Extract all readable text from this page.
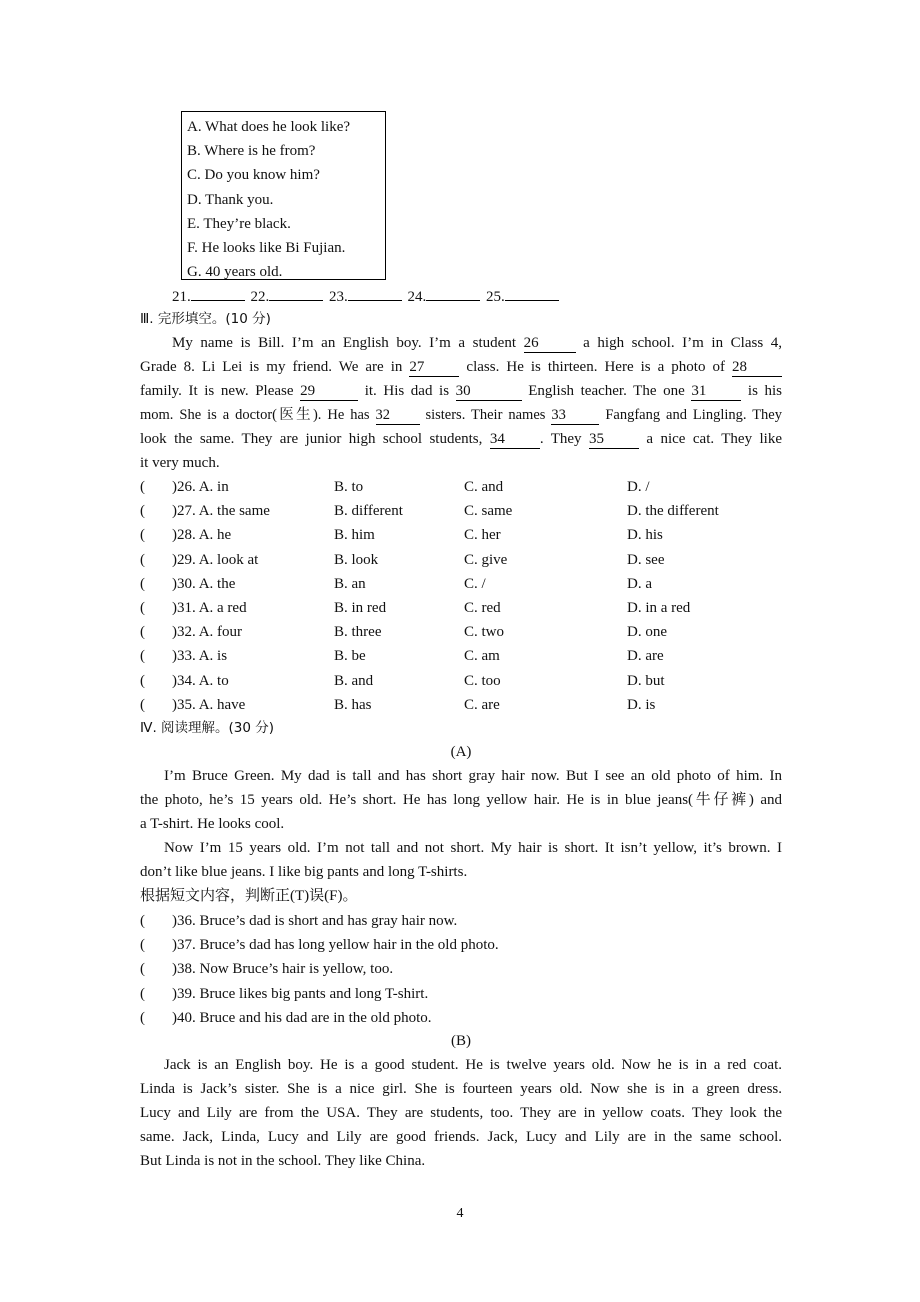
A. What does he look like?
B. Where is he from?
C. Do you know him?
D. Thank you.
E. They’re black.
F. He looks like Bi Fujian.
G. 40 years old.
21.	22.	23.	24.	25.
Ⅲ. 完形填空。(10 分)
My name is Bill. I’m an English boy. I’m a student 26 a high school. I’m in Class 4,
Grade 8. Li Lei is my friend. We are in 27 class. He is thirteen. Here is a photo of 28
family. It is new. Please 29	it. His dad is 30	English teacher. The one 31 is his
mom. She is a doctor(医生). He has 32 sisters. Their names 33 Fangfang and Lingling. They
look the same. They are junior high school students, 34 . They 35 a nice cat. They like
it very much.
( )26. A. in	B. to	C. and	D. /
( )27. A. the same	B. different	C. same	D. the different
( )28. A. he	B. him	C. her	D. his
( )29. A. look at	B. look	C. give	D. see
( )30. A. the	B. an	C. /	D. a
( )31. A. a red	B. in red	C. red	D. in a red
( )32. A. four	B. three	C. two	D. one
( )33. A. is	B. be	C. am	D. are
( )34. A. to	B. and	C. too	D. but
( )35. A. have	B. has	C. are	D. is
Ⅳ. 阅读理解。(30 分)
(A)
I’m Bruce Green. My dad is tall and has short gray hair now. But I see an old photo of him. In
the photo, he’s 15 years old. He’s short. He has long yellow hair. He is in blue jeans(牛仔裤) and
a T-shirt. He looks cool.
Now I’m 15 years old. I’m not tall and not short. My hair is short. It isn’t yellow, it’s brown. I
don’t like blue jeans. I like big pants and long T-shirts.
根据短文内容，判断正(T)误(F)。
( )36. Bruce’s dad is short and has gray hair now.
( )37. Bruce’s dad has long yellow hair in the old photo.
( )38. Now Bruce’s hair is yellow, too.
( )39. Bruce likes big pants and long T-shirt.
( )40. Bruce and his dad are in the old photo.
(B)
Jack is an English boy. He is a good student. He is twelve years old. Now he is in a red coat.
Linda is Jack’s sister. She is a nice girl. She is fourteen years old. Now she is in a green dress.
Lucy and Lily are from the USA. They are students, too. They are in yellow coats. They look the
same. Jack, Linda, Lucy and Lily are good friends. Jack, Lucy and Lily are in the same school.
But Linda is not in the school. They like China.
4
